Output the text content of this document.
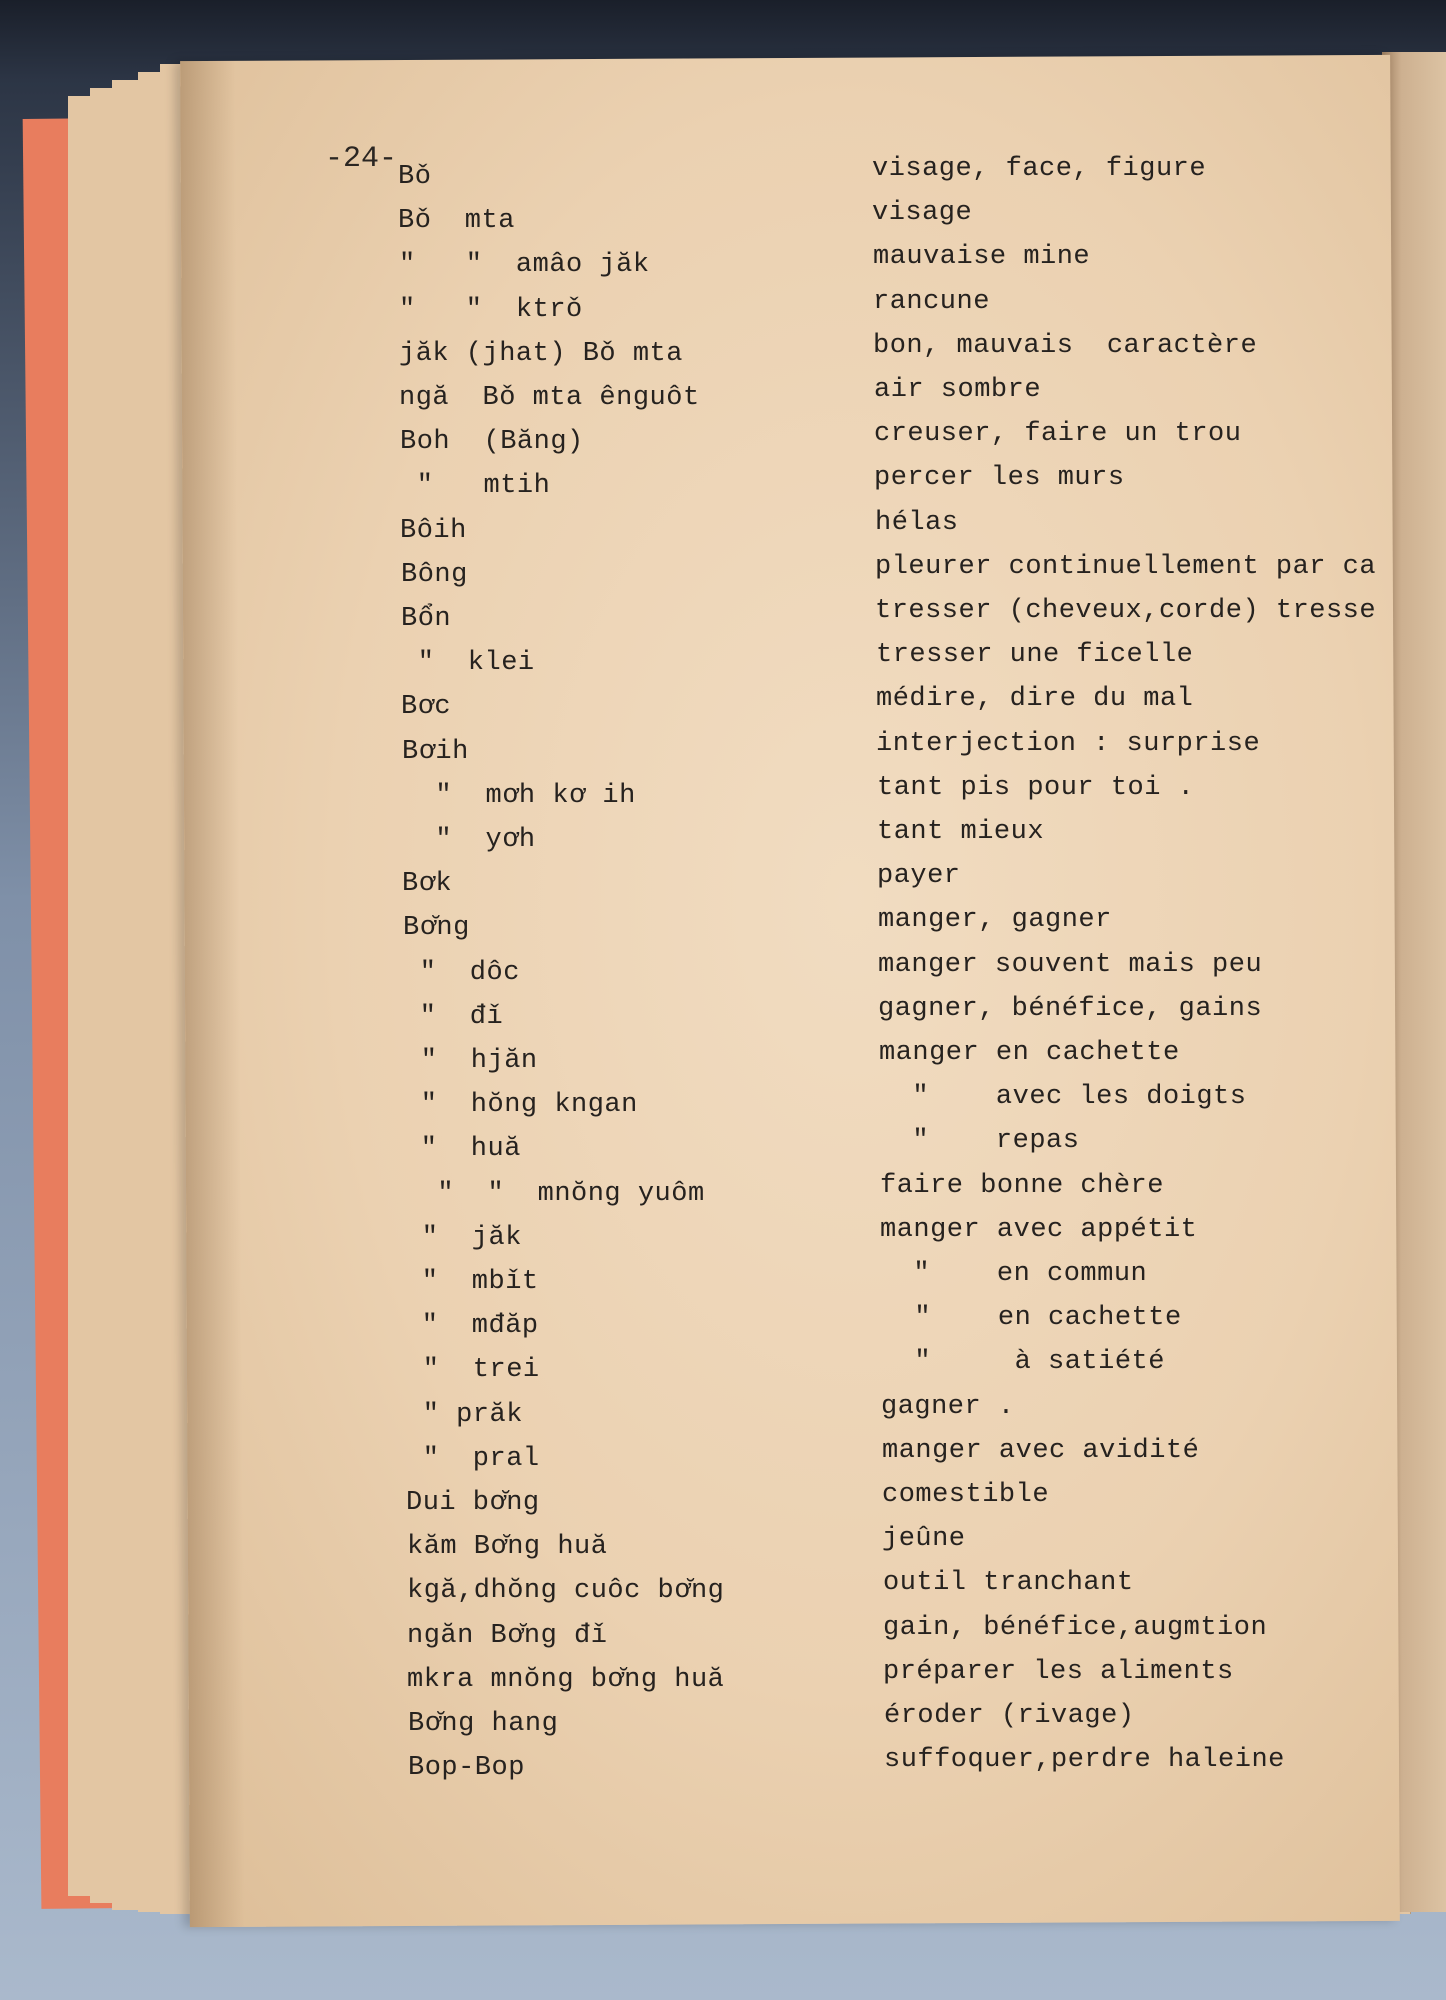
-24-
Bǒ	visage, face, figure
Bǒ  mta	visage
"   "  amâo jăk	mauvaise mine
"   "  ktrǒ	rancune
jăk (jhat) Bǒ mta	bon, mauvais  caractère
ngă  Bǒ mta ênguôt	air sombre
Boh  (Băng)	creuser, faire un trou
"   mtih	percer les murs
Bôih	hélas
Bông	pleurer continuellement par ca
Bổn	tresser (cheveux,corde) tresse
"  klei	tresser une ficelle
Bơc	médire, dire du mal
Bơih	interjection : surprise
"  mơh kơ ih	tant pis pour toi .
"  yơh	tant mieux
Bơk	payer
Bơ̆ng	manger, gagner
"  dôc	manger souvent mais peu
"  đǐ	gagner, bénéfice, gains
"  hjăn	manger en cachette
"  hŏng kngan	"    avec les doigts
"  huă	"    repas
"  "  mnŏng yuôm	faire bonne chère
"  jăk	manger avec appétit
"  mbǐt	"    en commun
"  mđăp	"    en cachette
"  trei	"     à satiété
" prăk	gagner .
"  pral	manger avec avidité
Dui bơ̆ng	comestible
kăm Bơ̆ng huă	jeûne
kgă,dhŏng cuôc bơ̆ng	outil tranchant
ngăn Bơ̆ng đǐ	gain, bénéfice,augmtion
mkra mnŏng bơ̆ng huă	préparer les aliments
Bơ̆ng hang	éroder (rivage)
Bop-Bop	suffoquer,perdre haleine
